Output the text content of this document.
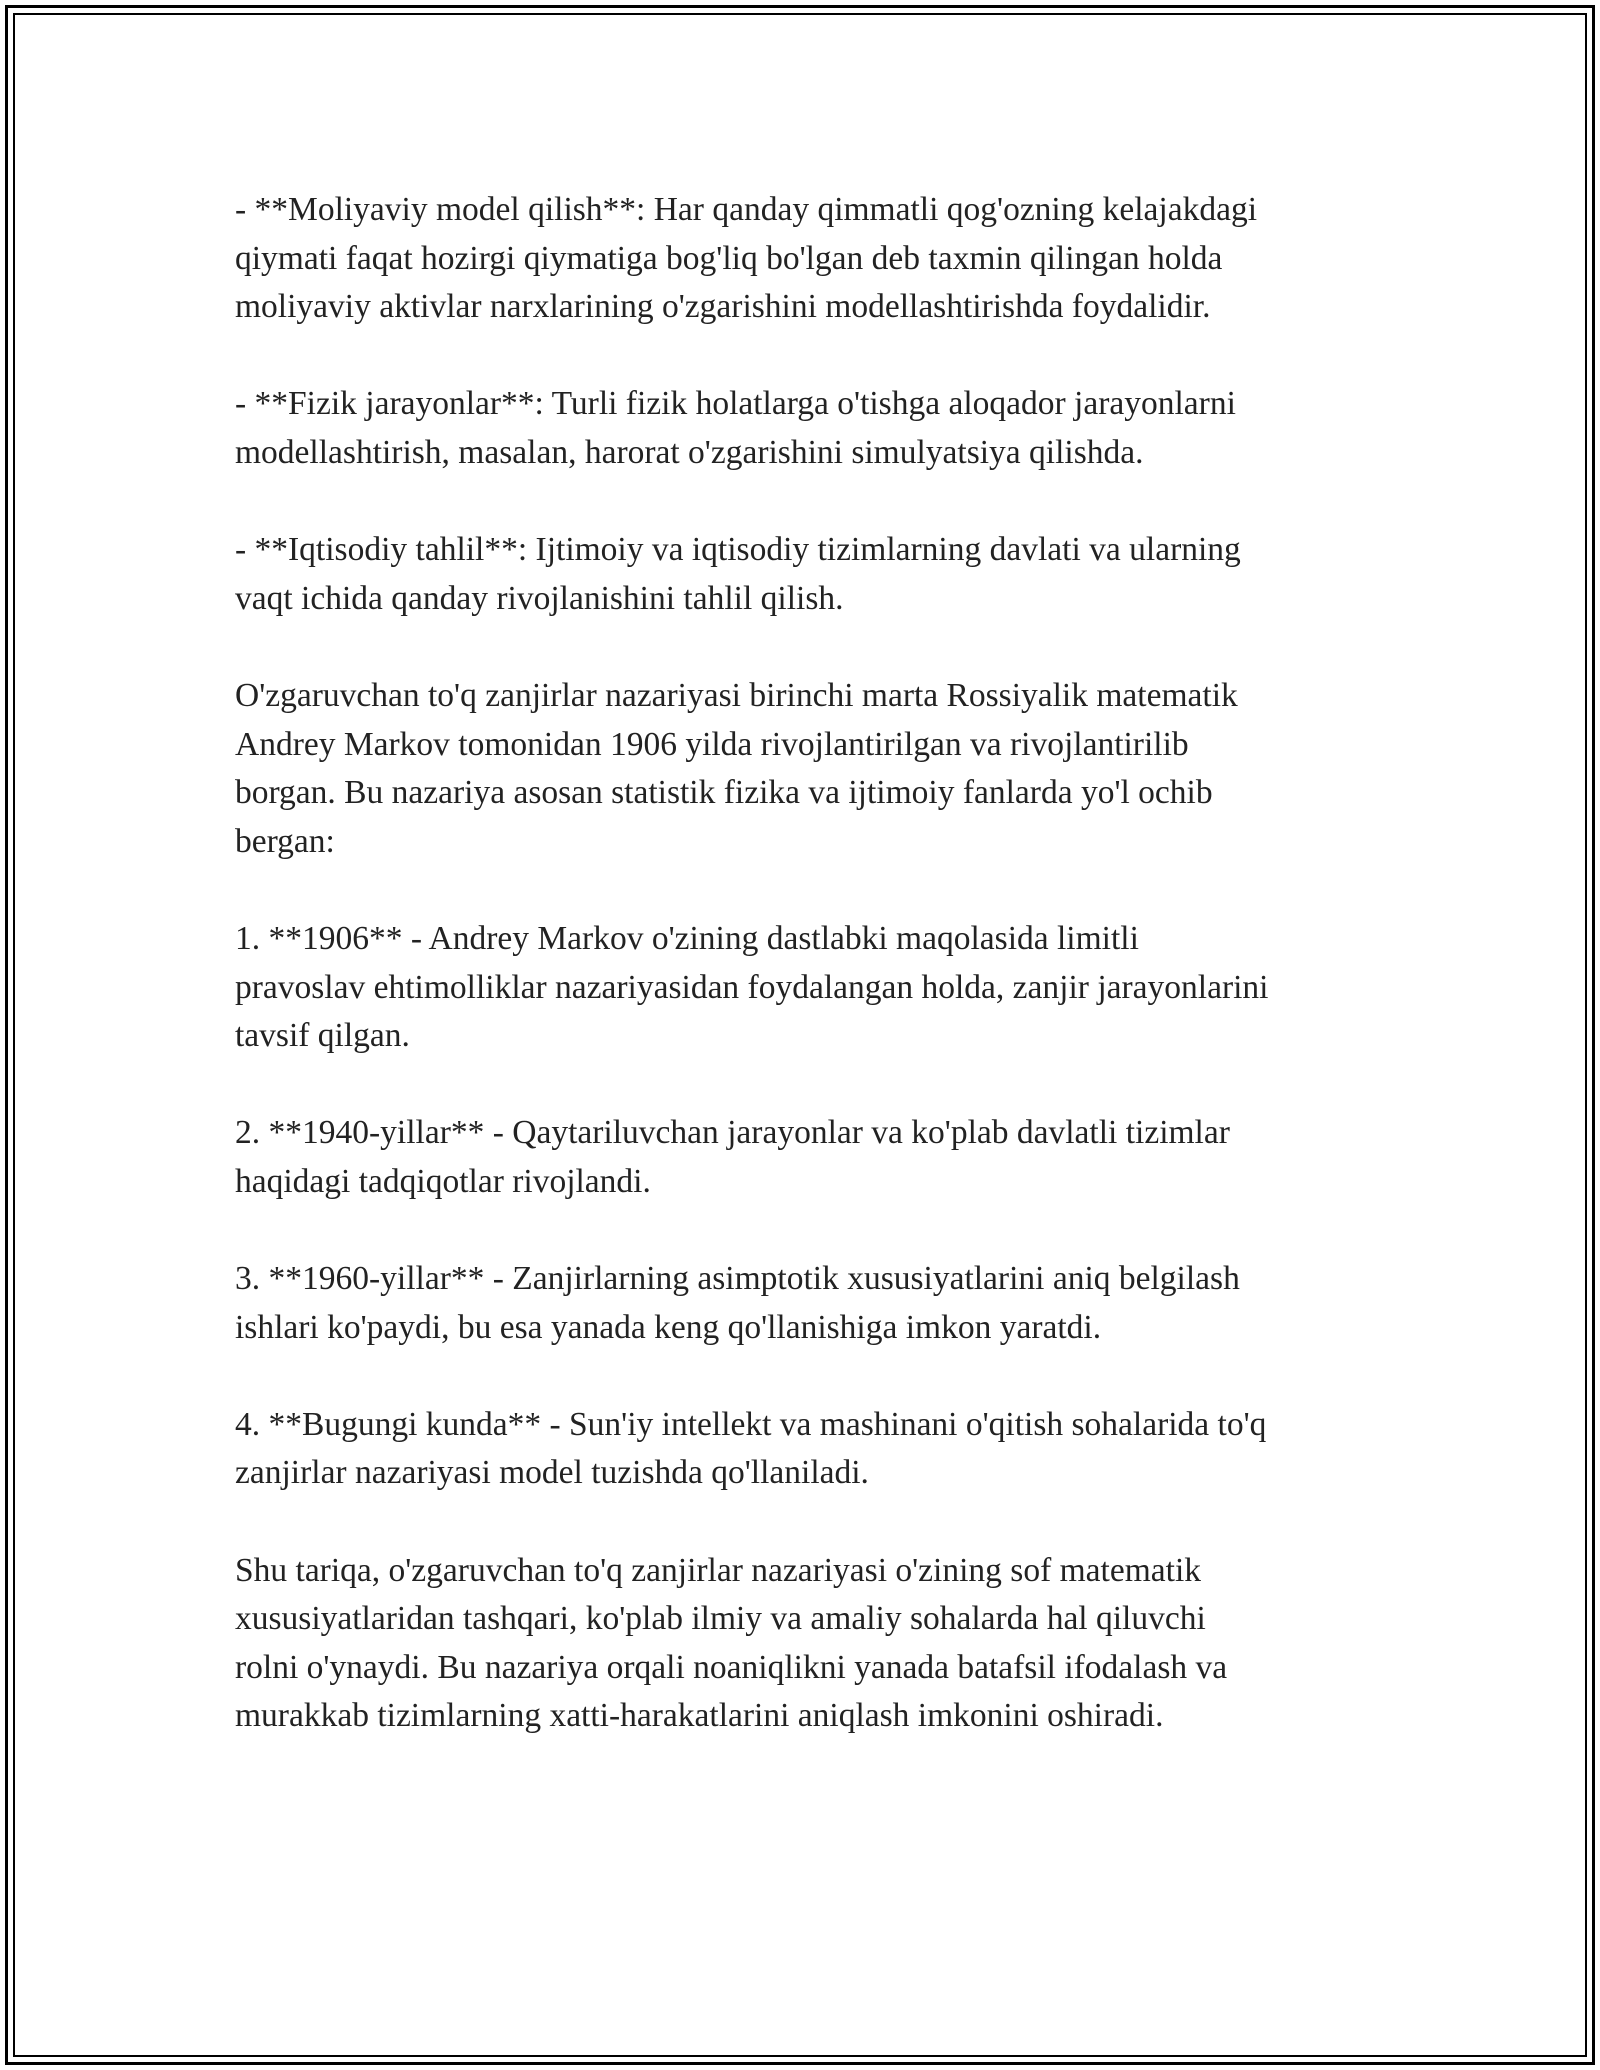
- **Moliyaviy model qilish**: Har qanday qimmatli qog'ozning kelajakdagi
qiymati faqat hozirgi qiymatiga bog'liq bo'lgan deb taxmin qilingan holda
moliyaviy aktivlar narxlarining o'zgarishini modellashtirishda foydalidir.

- **Fizik jarayonlar**: Turli fizik holatlarga o'tishga aloqador jarayonlarni
modellashtirish, masalan, harorat o'zgarishini simulyatsiya qilishda.

- **Iqtisodiy tahlil**: Ijtimoiy va iqtisodiy tizimlarning davlati va ularning
vaqt ichida qanday rivojlanishini tahlil qilish.

O'zgaruvchan to'q zanjirlar nazariyasi birinchi marta Rossiyalik matematik
Andrey Markov tomonidan 1906 yilda rivojlantirilgan va rivojlantirilib
borgan. Bu nazariya asosan statistik fizika va ijtimoiy fanlarda yo'l ochib
bergan:

1. **1906** - Andrey Markov o'zining dastlabki maqolasida limitli
pravoslav ehtimolliklar nazariyasidan foydalangan holda, zanjir jarayonlarini
tavsif qilgan.

2. **1940-yillar** - Qaytariluvchan jarayonlar va ko'plab davlatli tizimlar
haqidagi tadqiqotlar rivojlandi.

3. **1960-yillar** - Zanjirlarning asimptotik xususiyatlarini aniq belgilash
ishlari ko'paydi, bu esa yanada keng qo'llanishiga imkon yaratdi.

4. **Bugungi kunda** - Sun'iy intellekt va mashinani o'qitish sohalarida to'q
zanjirlar nazariyasi model tuzishda qo'llaniladi.

Shu tariqa, o'zgaruvchan to'q zanjirlar nazariyasi o'zining sof matematik
xususiyatlaridan tashqari, ko'plab ilmiy va amaliy sohalarda hal qiluvchi
rolni o'ynaydi. Bu nazariya orqali noaniqlikni yanada batafsil ifodalash va
murakkab tizimlarning xatti-harakatlarini aniqlash imkonini oshiradi.
